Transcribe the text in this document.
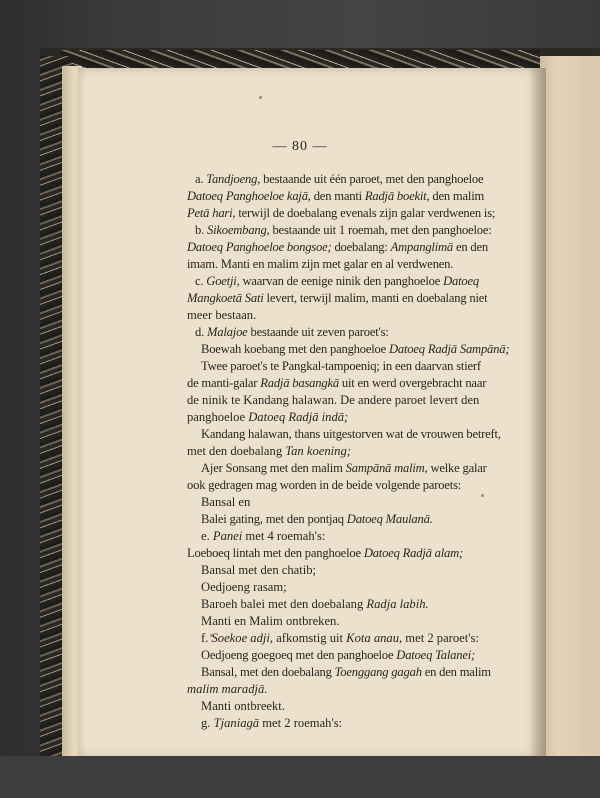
— 80 —
a. Tandjoeng, bestaande uit één paroet, met den panghoeloe
Datoeq Panghoeloe kajā, den manti Radjā boekit, den malim
Petā hari, terwijl de doebalang evenals zijn galar verdwenen is;
b. Sikoembang, bestaande uit 1 roemah, met den panghoeloe:
Datoeq Panghoeloe bongsoe; doebalang: Ampanglimā en den
imam. Manti en malim zijn met galar en al verdwenen.
c. Goetji, waarvan de eenige ninik den panghoeloe Datoeq
Mangkoetā Sati levert, terwijl malim, manti en doebalang niet
meer bestaan.
d. Malajoe bestaande uit zeven paroet's:
Boewah koebang met den panghoeloe Datoeq Radjā Sampānā;
Twee paroet's te Pangkal-tampoeniq; in een daarvan stierf
de manti-galar Radjā basangkā uit en werd overgebracht naar
de ninik te Kandang halawan. De andere paroet levert den
panghoeloe Datoeq Radjā indā;
Kandang halawan, thans uitgestorven wat de vrouwen betreft,
met den doebalang Tan koening;
Ajer Sonsang met den malim Sampānā malim, welke galar
ook gedragen mag worden in de beide volgende paroets:
Bansal en
Balei gating, met den pontjaq Datoeq Maulanā.
e. Panei met 4 roemah's:
Loeboeq lintah met den panghoeloe Datoeq Radjā alam;
Bansal met den chatib;
Oedjoeng rasam;
Baroeh balei met den doebalang Radja labih.
Manti en Malim ontbreken.
f. Soekoe adji, afkomstig uit Kota anau, met 2 paroet's:
Oedjoeng goegoeq met den panghoeloe Datoeq Talanei;
Bansal, met den doebalang Toenggang gagah en den malim
malim maradjā.
Manti ontbreekt.
g. Tjaniagā met 2 roemah's:
